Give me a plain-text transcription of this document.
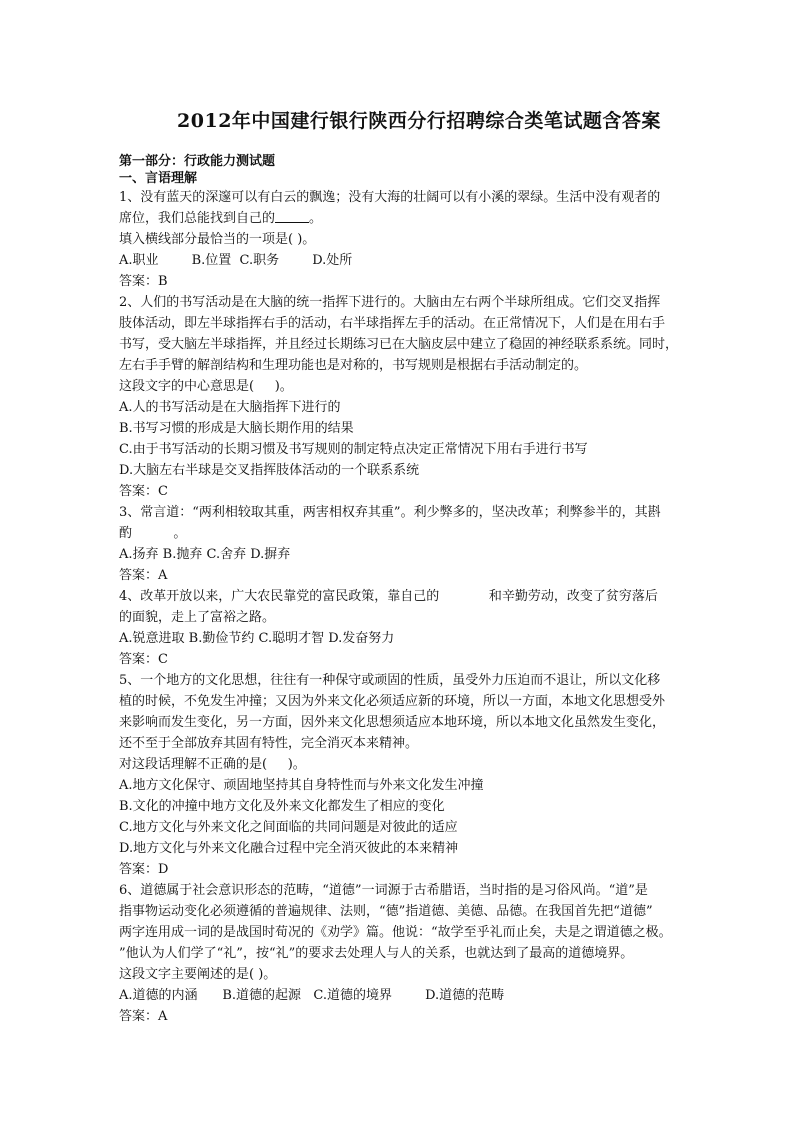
2012年中国建行银行陕西分行招聘综合类笔试题含答案
第一部分：行政能力测试题
一、言语理解
1、没有蓝天的深邃可以有白云的飘逸；没有大海的壮阔可以有小溪的翠绿。生活中没有观者的
席位，我们总能找到自己的	。
填入横线部分最恰当的一项是( )。
A.职业        B.位置  C.职务        D.处所
答案：B
2、人们的书写活动是在大脑的统一指挥下进行的。大脑由左右两个半球所组成。它们交叉指挥
肢体活动，即左半球指挥右手的活动，右半球指挥左手的活动。在正常情况下，人们是在用右手
书写，受大脑左半球指挥，并且经过长期练习已在大脑皮层中建立了稳固的神经联系系统。同时，
左右手手臂的解剖结构和生理功能也是对称的，书写规则是根据右手活动制定的。
这段文字的中心意思是(     )。
A.人的书写活动是在大脑指挥下进行的
B.书写习惯的形成是大脑长期作用的结果
C.由于书写活动的长期习惯及书写规则的制定特点决定正常情况下用右手进行书写
D.大脑左右半球是交叉指挥肢体活动的一个联系系统
答案：C
3、常言道：“两利相较取其重，两害相权弃其重”。利少弊多的，坚决改革；利弊参半的，其斟
酌          。
A.扬弃 B.抛弃 C.舍弃 D.摒弃
答案：A
4、改革开放以来，广大农民靠党的富民政策，靠自己的            和辛勤劳动，改变了贫穷落后
的面貌，走上了富裕之路。
A.锐意进取 B.勤俭节约 C.聪明才智 D.发奋努力
答案：C
5、一个地方的文化思想，往往有一种保守或顽固的性质，虽受外力压迫而不退让，所以文化移
植的时候，不免发生冲撞；又因为外来文化必须适应新的环境，所以一方面，本地文化思想受外
来影响而发生变化，另一方面，因外来文化思想须适应本地环境，所以本地文化虽然发生变化，
还不至于全部放弃其固有特性，完全消灭本来精神。
对这段话理解不正确的是(     )。
A.地方文化保守、顽固地坚持其自身特性而与外来文化发生冲撞
B.文化的冲撞中地方文化及外来文化都发生了相应的变化
C.地方文化与外来文化之间面临的共同问题是对彼此的适应
D.地方文化与外来文化融合过程中完全消灭彼此的本来精神
答案：D
6、道德属于社会意识形态的范畴，“道德”一词源于古希腊语，当时指的是习俗风尚。“道”是
指事物运动变化必须遵循的普遍规律、法则，“德”指道德、美德、品德。在我国首先把“道德”
两字连用成一词的是战国时荀况的《劝学》篇。他说：“故学至乎礼而止矣，夫是之谓道德之极。
”他认为人们学了“礼”，按“礼”的要求去处理人与人的关系，也就达到了最高的道德境界。
这段文字主要阐述的是( )。
A.道德的内涵      B.道德的起源   C.道德的境界        D.道德的范畴
答案：A
